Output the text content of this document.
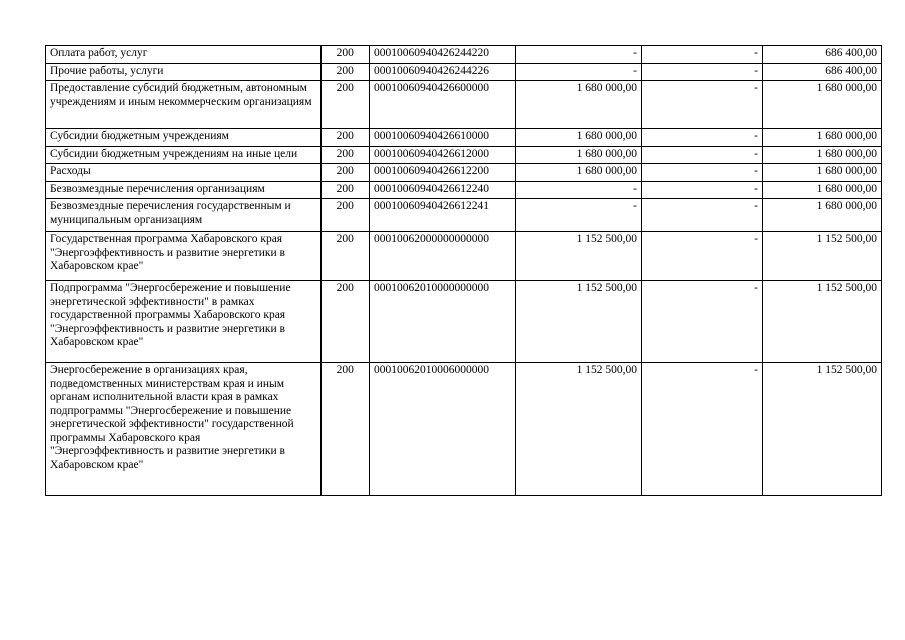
Оплата работ, услуг	200	00010060940426244220	-	-	686 400,00
Прочие работы, услуги	200	00010060940426244226	-	-	686 400,00
Предоставление субсидий бюджетным, автономным учреждениям и иным некоммерческим организациям	200	00010060940426600000	1 680 000,00	-	1 680 000,00
Субсидии бюджетным учреждениям	200	00010060940426610000	1 680 000,00	-	1 680 000,00
Субсидии бюджетным учреждениям на иные цели	200	00010060940426612000	1 680 000,00	-	1 680 000,00
Расходы	200	00010060940426612200	1 680 000,00	-	1 680 000,00
Безвозмездные перечисления организациям	200	00010060940426612240	-	-	1 680 000,00
Безвозмездные перечисления государственным и муниципальным организациям	200	00010060940426612241	-	-	1 680 000,00
Государственная программа Хабаровского края "Энергоэффективность и развитие энергетики в Хабаровском крае"	200	00010062000000000000	1 152 500,00	-	1 152 500,00
Подпрограмма "Энергосбережение и повышение энергетической эффективности" в рамках государственной программы Хабаровского края "Энергоэффективность и развитие энергетики в Хабаровском крае"	200	00010062010000000000	1 152 500,00	-	1 152 500,00
Энергосбережение в организациях края, подведомственных министерствам края и иным органам исполнительной власти края в рамках подпрограммы "Энергосбережение и повышение энергетической эффективности" государственной программы Хабаровского края "Энергоэффективность и развитие энергетики в Хабаровском крае"	200	00010062010006000000	1 152 500,00	-	1 152 500,00
